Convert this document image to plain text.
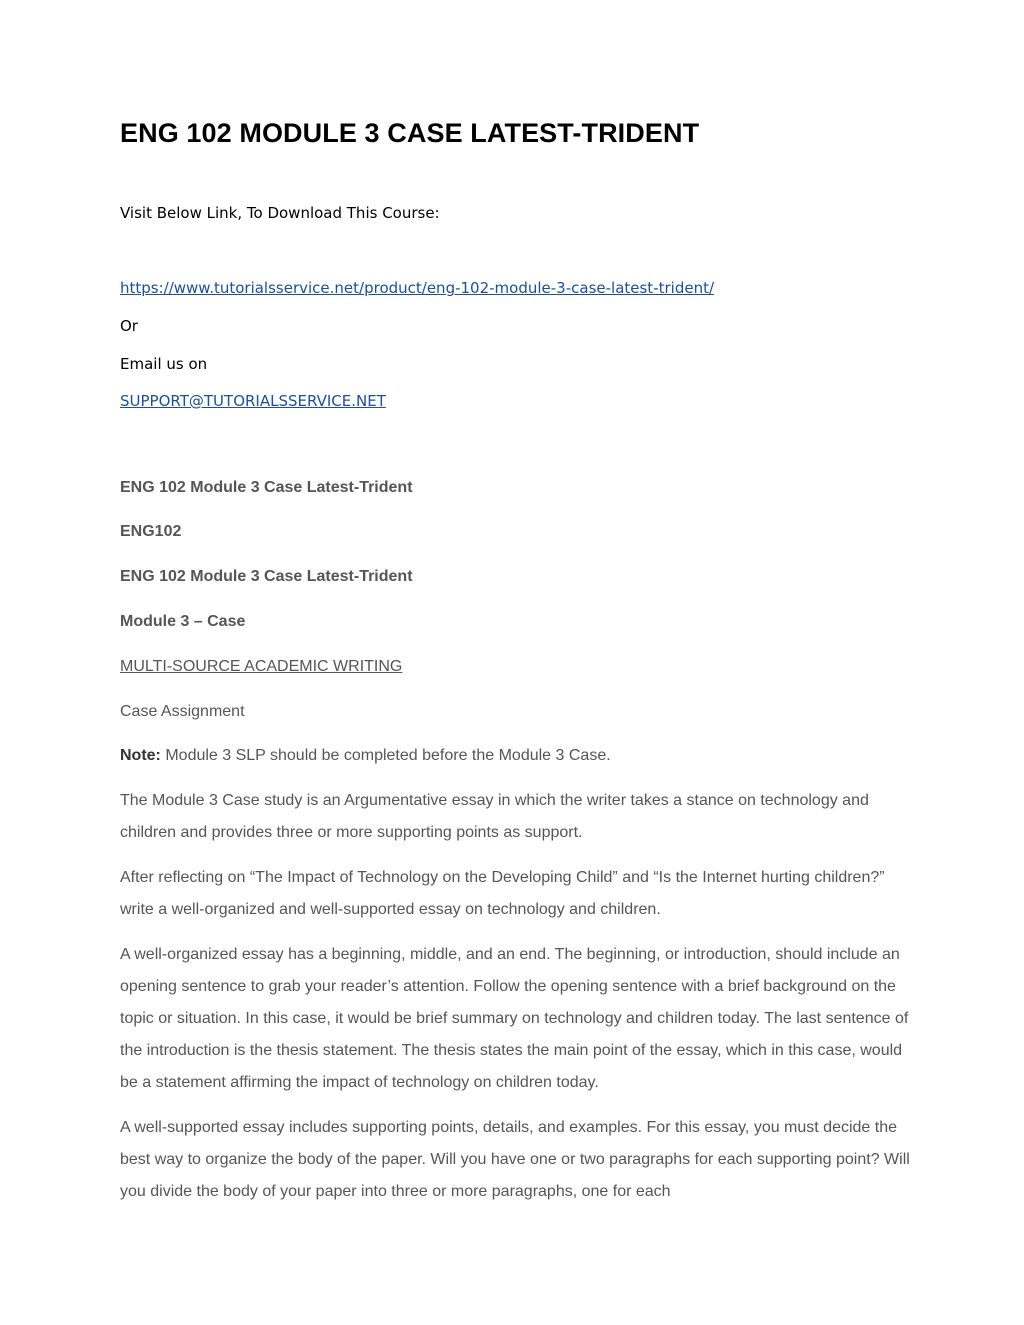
ENG 102 MODULE 3 CASE LATEST-TRIDENT
Visit Below Link, To Download This Course:
https://www.tutorialsservice.net/product/eng-102-module-3-case-latest-trident/
Or
Email us on
SUPPORT@TUTORIALSSERVICE.NET
ENG 102 Module 3 Case Latest-Trident
ENG102
ENG 102 Module 3 Case Latest-Trident
Module 3 – Case
MULTI-SOURCE ACADEMIC WRITING
Case Assignment
Note: Module 3 SLP should be completed before the Module 3 Case.
The Module 3 Case study is an Argumentative essay in which the writer takes a stance on technology and children and provides three or more supporting points as support.
After reflecting on “The Impact of Technology on the Developing Child” and “Is the Internet hurting children?” write a well-organized and well-supported essay on technology and children.
A well-organized essay has a beginning, middle, and an end. The beginning, or introduction, should include an opening sentence to grab your reader’s attention. Follow the opening sentence with a brief background on the topic or situation. In this case, it would be brief summary on technology and children today. The last sentence of the introduction is the thesis statement. The thesis states the main point of the essay, which in this case, would be a statement affirming the impact of technology on children today.
A well-supported essay includes supporting points, details, and examples. For this essay, you must decide the best way to organize the body of the paper. Will you have one or two paragraphs for each supporting point? Will you divide the body of your paper into three or more paragraphs, one for each
